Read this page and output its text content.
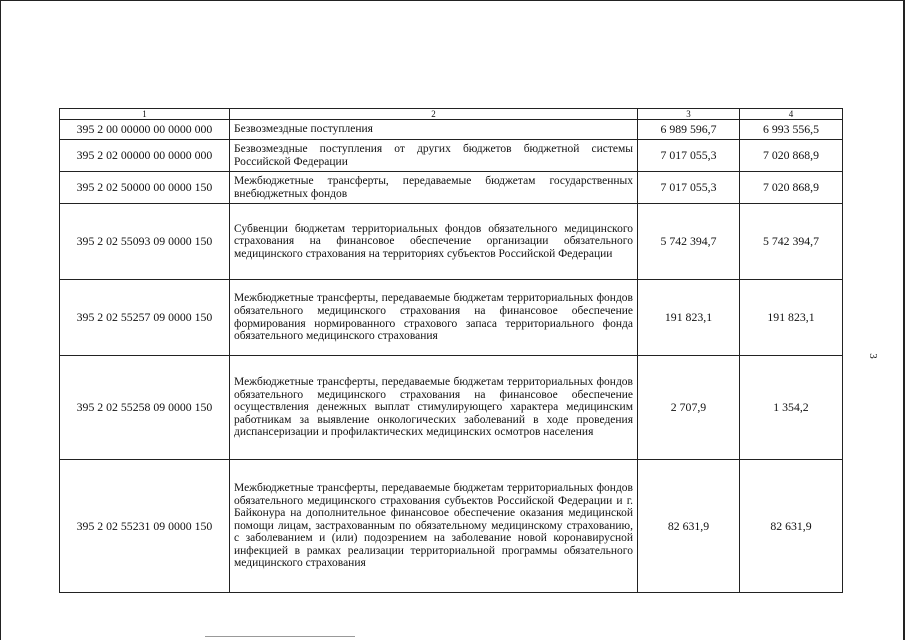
1	2	3	4
395 2 00 00000 00 0000 000	Безвозмездные поступления	6 989 596,7	6 993 556,5
395 2 02 00000 00 0000 000	Безвозмездные поступления от других бюджетов бюджетной системы Российской Федерации	7 017 055,3	7 020 868,9
395 2 02 50000 00 0000 150	Межбюджетные трансферты, передаваемые бюджетам государственных внебюджетных фондов	7 017 055,3	7 020 868,9
395 2 02 55093 09 0000 150	Субвенции бюджетам территориальных фондов обязательного медицинского страхования на финансовое обеспечение организации обязательного медицинского страхования на территориях субъектов Российской Федерации	5 742 394,7	5 742 394,7
395 2 02 55257 09 0000 150	Межбюджетные трансферты, передаваемые бюджетам территориальных фондов обязательного медицинского страхования на финансовое обеспечение формирования нормированного страхового запаса территориального фонда обязательного медицинского страхования	191 823,1	191 823,1
395 2 02 55258 09 0000 150	Межбюджетные трансферты, передаваемые бюджетам территориальных фондов обязательного медицинского страхования на финансовое обеспечение осуществления денежных выплат стимулирующего характера медицинским работникам за выявление онкологических заболеваний в ходе проведения диспансеризации и профилактических медицинских осмотров населения	2 707,9	1 354,2
395 2 02 55231 09 0000 150	Межбюджетные трансферты, передаваемые бюджетам территориальных фондов обязательного медицинского страхования субъектов Российской Федерации и г. Байконура на дополнительное финансовое обеспечение оказания медицинской помощи лицам, застрахованным по обязательному медицинскому страхованию, с заболеванием и (или) подозрением на заболевание новой коронавирусной инфекцией в рамках реализации территориальной программы обязательного медицинского страхования	82 631,9	82 631,9
3
